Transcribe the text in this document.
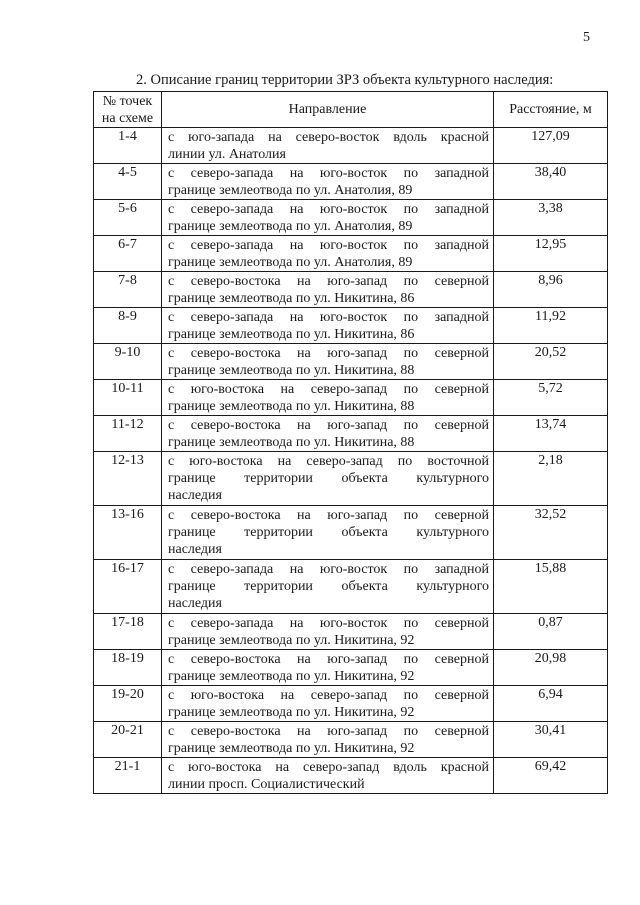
5
2. Описание границ территории ЗРЗ объекта культурного наследия:
№ точек
на схеме	Направление	Расстояние, м
1-4	с юго-запада на северо-восток вдоль красной
линии ул. Анатолия	127,09
4-5	с северо-запада на юго-восток по западной
границе землеотвода по ул. Анатолия, 89	38,40
5-6	с северо-запада на юго-восток по западной
границе землеотвода по ул. Анатолия, 89	3,38
6-7	с северо-запада на юго-восток по западной
границе землеотвода по ул. Анатолия, 89	12,95
7-8	с северо-востока на юго-запад по северной
границе землеотвода по ул. Никитина, 86	8,96
8-9	с северо-запада на юго-восток по западной
границе землеотвода по ул. Никитина, 86	11,92
9-10	с северо-востока на юго-запад по северной
границе землеотвода по ул. Никитина, 88	20,52
10-11	с юго-востока на северо-запад по северной
границе землеотвода по ул. Никитина, 88	5,72
11-12	с северо-востока на юго-запад по северной
границе землеотвода по ул. Никитина, 88	13,74
12-13	с юго-востока на северо-запад по восточной
границе территории объекта культурного
наследия	2,18
13-16	с северо-востока на юго-запад по северной
границе территории объекта культурного
наследия	32,52
16-17	с северо-запада на юго-восток по западной
границе территории объекта культурного
наследия	15,88
17-18	с северо-запада на юго-восток по северной
границе землеотвода по ул. Никитина, 92	0,87
18-19	с северо-востока на юго-запад по северной
границе землеотвода по ул. Никитина, 92	20,98
19-20	с юго-востока на северо-запад по северной
границе землеотвода по ул. Никитина, 92	6,94
20-21	с северо-востока на юго-запад по северной
границе землеотвода по ул. Никитина, 92	30,41
21-1	с юго-востока на северо-запад вдоль красной
линии просп. Социалистический	69,42
